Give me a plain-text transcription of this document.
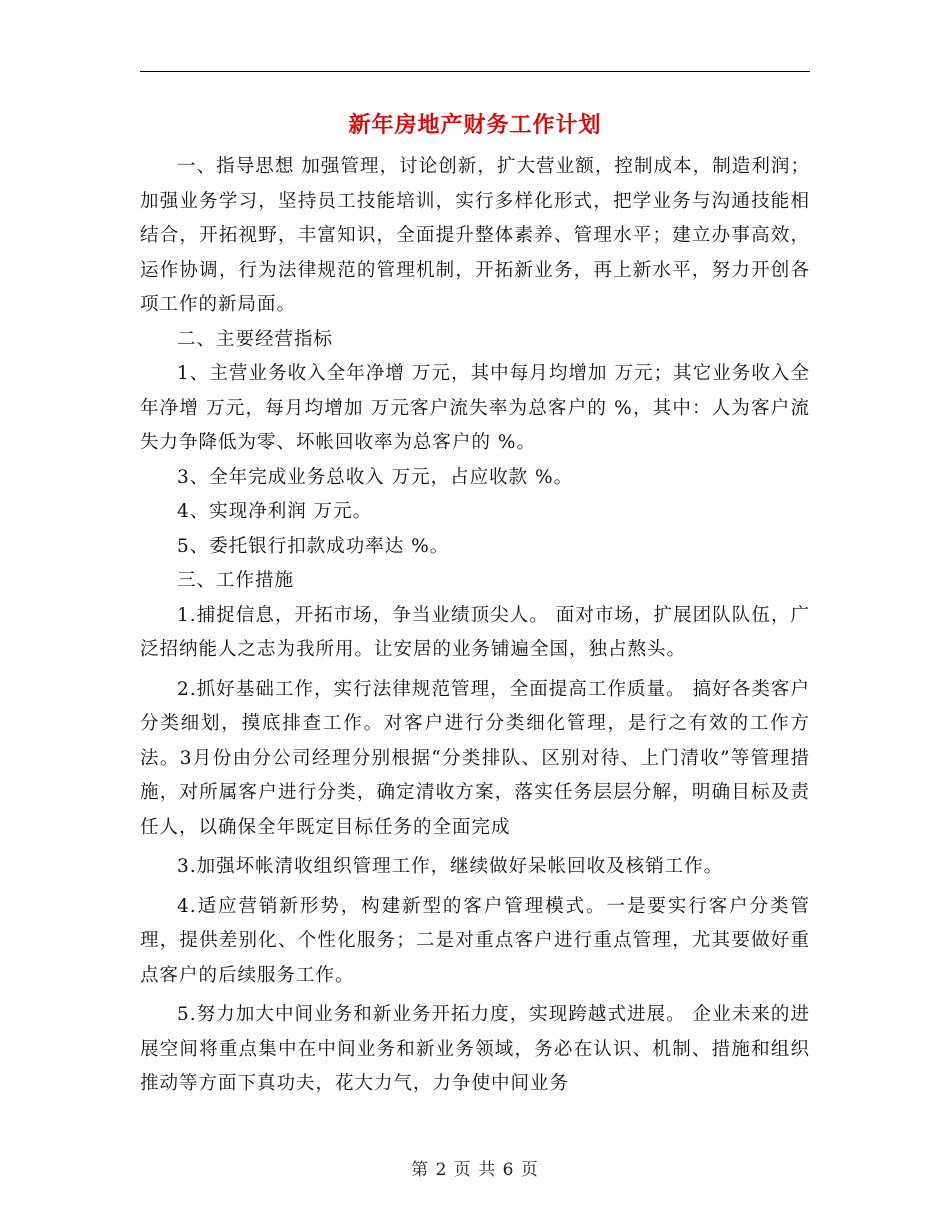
新年房地产财务工作计划

一、指导思想 加强管理，讨论创新，扩大营业额，控制成本，制造利润；加强业务学习，坚持员工技能培训，实行多样化形式，把学业务与沟通技能相结合，开拓视野，丰富知识，全面提升整体素养、管理水平；建立办事高效，运作协调，行为法律规范的管理机制，开拓新业务，再上新水平，努力开创各项工作的新局面。

二、主要经营指标

1、主营业务收入全年净增 万元，其中每月均增加 万元；其它业务收入全年净增 万元，每月均增加 万元客户流失率为总客户的 %，其中：人为客户流失力争降低为零、坏帐回收率为总客户的 %。

3、全年完成业务总收入 万元，占应收款 %。

4、实现净利润 万元。

5、委托银行扣款成功率达 %。

三、工作措施

1.捕捉信息，开拓市场，争当业绩顶尖人。 面对市场，扩展团队队伍，广泛招纳能人之志为我所用。让安居的业务铺遍全国，独占熬头。

2.抓好基础工作，实行法律规范管理，全面提高工作质量。 搞好各类客户分类细划，摸底排查工作。对客户进行分类细化管理，是行之有效的工作方法。3月份由分公司经理分别根据“分类排队、区别对待、上门清收”等管理措施，对所属客户进行分类，确定清收方案，落实任务层层分解，明确目标及责任人，以确保全年既定目标任务的全面完成

3.加强坏帐清收组织管理工作，继续做好呆帐回收及核销工作。

4.适应营销新形势，构建新型的客户管理模式。一是要实行客户分类管理，提供差别化、个性化服务；二是对重点客户进行重点管理，尤其要做好重点客户的后续服务工作。

5.努力加大中间业务和新业务开拓力度，实现跨越式进展。 企业未来的进展空间将重点集中在中间业务和新业务领域，务必在认识、机制、措施和组织推动等方面下真功夫，花大力气，力争使中间业务

第 2 页 共 6 页
